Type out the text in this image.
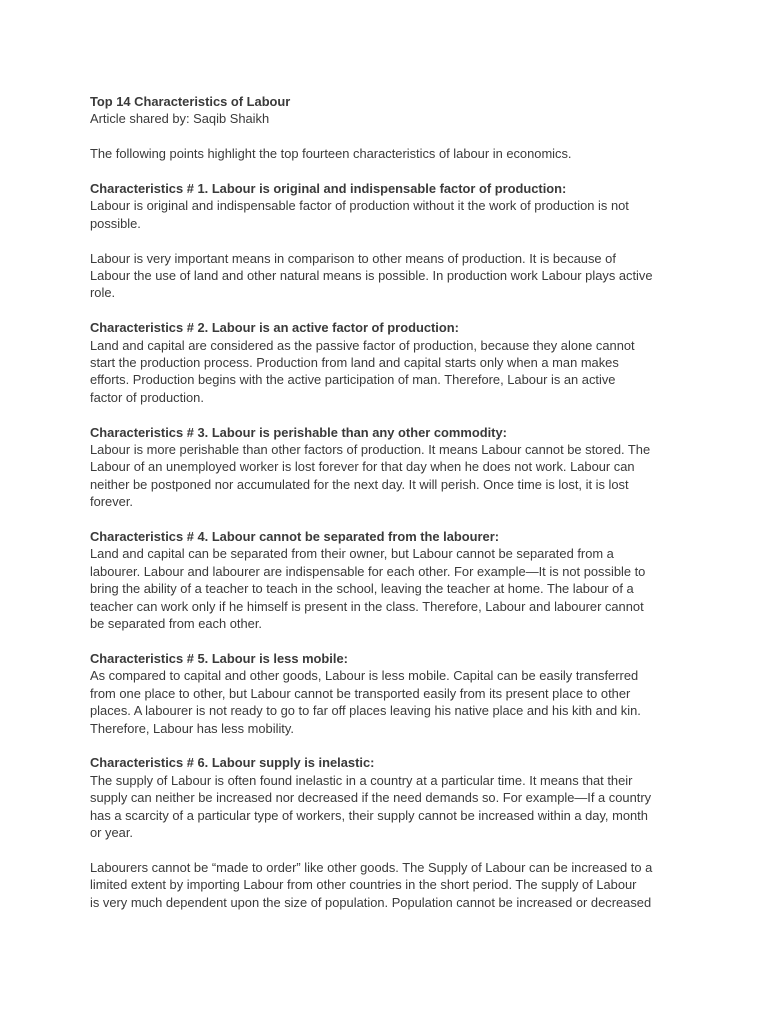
Top 14 Characteristics of Labour
Article shared by: Saqib Shaikh
The following points highlight the top fourteen characteristics of labour in economics.
Characteristics # 1. Labour is original and indispensable factor of production:
Labour is original and indispensable factor of production without it the work of production is not
possible.
Labour is very important means in comparison to other means of production. It is because of
Labour the use of land and other natural means is possible. In production work Labour plays active
role.
Characteristics # 2. Labour is an active factor of production:
Land and capital are considered as the passive factor of production, because they alone cannot
start the production process. Production from land and capital starts only when a man makes
efforts. Production begins with the active participation of man. Therefore, Labour is an active
factor of production.
Characteristics # 3. Labour is perishable than any other commodity:
Labour is more perishable than other factors of production. It means Labour cannot be stored. The
Labour of an unemployed worker is lost forever for that day when he does not work. Labour can
neither be postponed nor accumulated for the next day. It will perish. Once time is lost, it is lost
forever.
Characteristics # 4. Labour cannot be separated from the labourer:
Land and capital can be separated from their owner, but Labour cannot be separated from a
labourer. Labour and labourer are indispensable for each other. For example—It is not possible to
bring the ability of a teacher to teach in the school, leaving the teacher at home. The labour of a
teacher can work only if he himself is present in the class. Therefore, Labour and labourer cannot
be separated from each other.
Characteristics # 5. Labour is less mobile:
As compared to capital and other goods, Labour is less mobile. Capital can be easily transferred
from one place to other, but Labour cannot be transported easily from its present place to other
places. A labourer is not ready to go to far off places leaving his native place and his kith and kin.
Therefore, Labour has less mobility.
Characteristics # 6. Labour supply is inelastic:
The supply of Labour is often found inelastic in a country at a particular time. It means that their
supply can neither be increased nor decreased if the need demands so. For example—If a country
has a scarcity of a particular type of workers, their supply cannot be increased within a day, month
or year.
Labourers cannot be “made to order” like other goods. The Supply of Labour can be increased to a
limited extent by importing Labour from other countries in the short period. The supply of Labour
is very much dependent upon the size of population. Population cannot be increased or decreased
